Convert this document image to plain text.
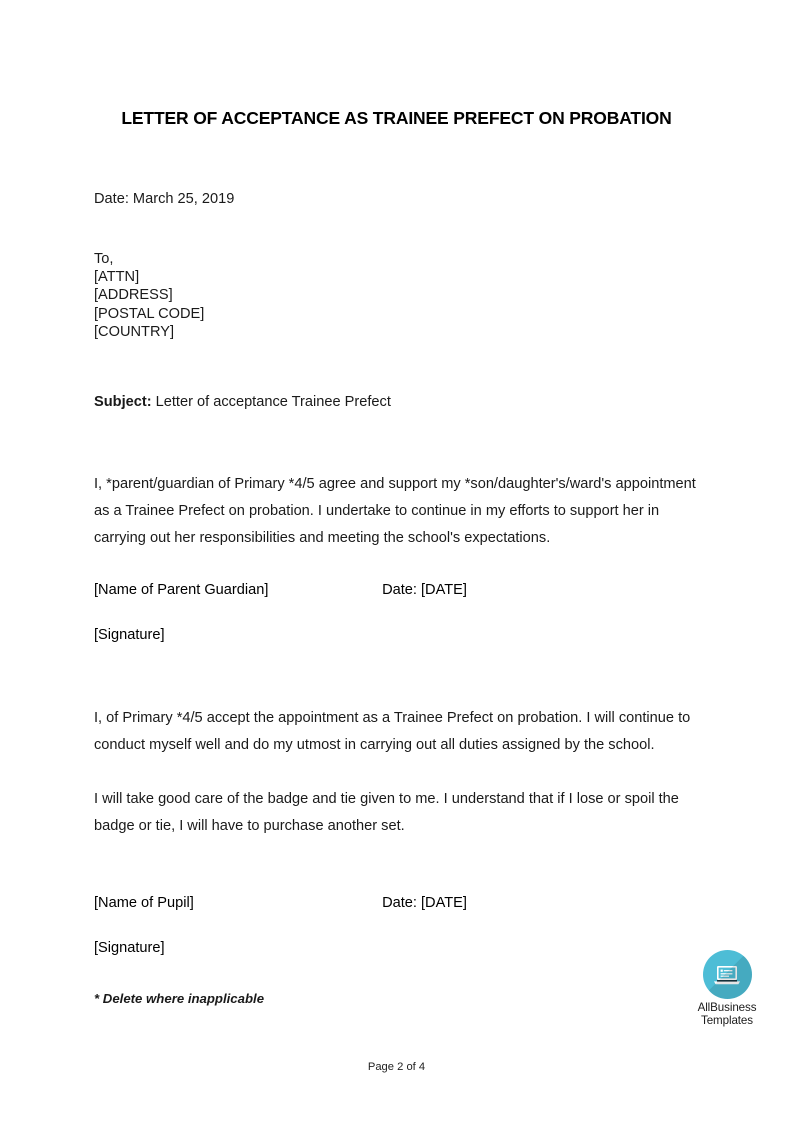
LETTER OF ACCEPTANCE AS TRAINEE PREFECT ON PROBATION
Date: March 25, 2019
To,
[ATTN]
[ADDRESS]
[POSTAL CODE]
[COUNTRY]
Subject: Letter of acceptance Trainee Prefect
I, *parent/guardian of Primary *4/5 agree and support my *son/daughter's/ward's appointment as a Trainee Prefect on probation. I undertake to continue in my efforts to support her in carrying out her responsibilities and meeting the school's expectations.
[Name of Parent Guardian]	Date: [DATE]
[Signature]
I, of Primary *4/5 accept the appointment as a Trainee Prefect on probation. I will continue to conduct myself well and do my utmost in carrying out all duties assigned by the school.
I will take good care of the badge and tie given to me. I understand that if I lose or spoil the badge or tie, I will have to purchase another set.
[Name of Pupil]	Date: [DATE]
[Signature]
* Delete where inapplicable
AllBusiness
Templates
Page 2 of 4
